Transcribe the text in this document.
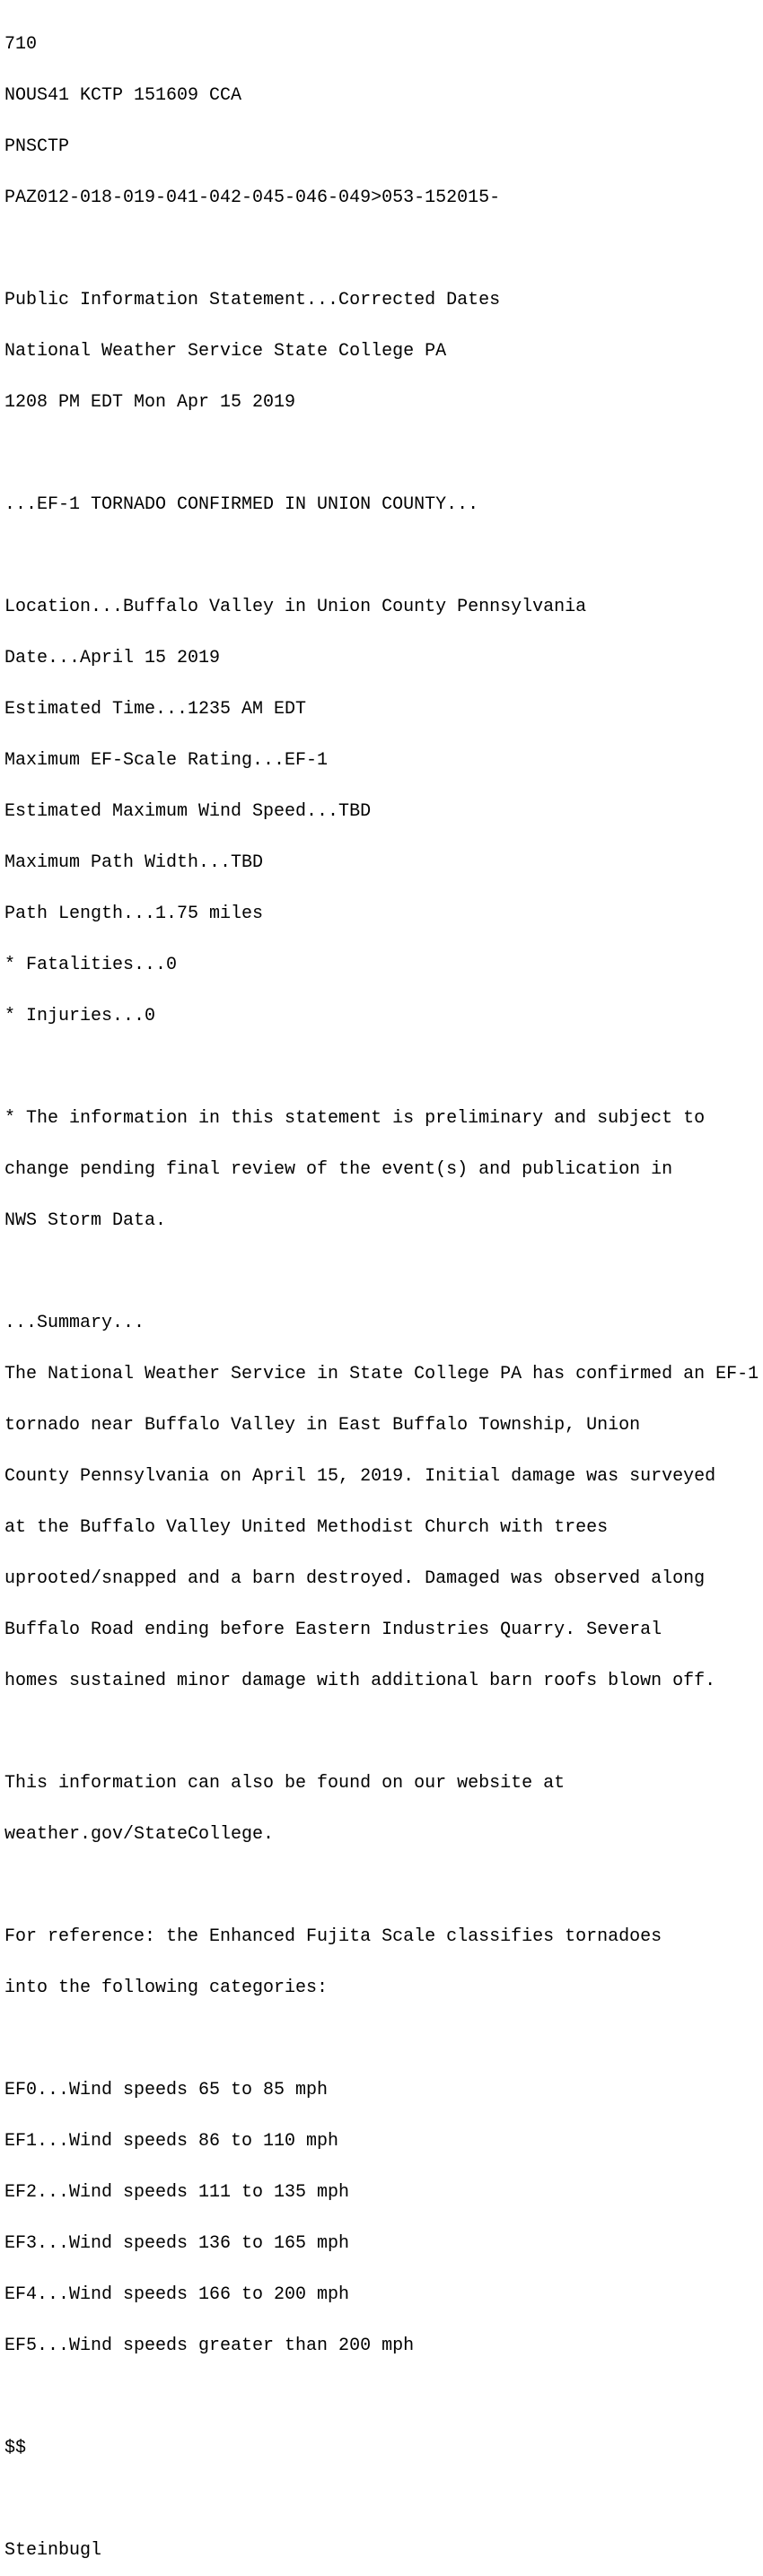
710

NOUS41 KCTP 151609 CCA

PNSCTP

PAZ012-018-019-041-042-045-046-049>053-152015-

Public Information Statement...Corrected Dates

National Weather Service State College PA

1208 PM EDT Mon Apr 15 2019

...EF-1 TORNADO CONFIRMED IN UNION COUNTY...

Location...Buffalo Valley in Union County Pennsylvania

Date...April 15 2019

Estimated Time...1235 AM EDT

Maximum EF-Scale Rating...EF-1

Estimated Maximum Wind Speed...TBD

Maximum Path Width...TBD

Path Length...1.75 miles

* Fatalities...0

* Injuries...0

* The information in this statement is preliminary and subject to

change pending final review of the event(s) and publication in

NWS Storm Data.

...Summary...

The National Weather Service in State College PA has confirmed an EF-1

tornado near Buffalo Valley in East Buffalo Township, Union

County Pennsylvania on April 15, 2019. Initial damage was surveyed

at the Buffalo Valley United Methodist Church with trees

uprooted/snapped and a barn destroyed. Damaged was observed along

Buffalo Road ending before Eastern Industries Quarry. Several

homes sustained minor damage with additional barn roofs blown off.

This information can also be found on our website at

weather.gov/StateCollege.

For reference: the Enhanced Fujita Scale classifies tornadoes

into the following categories:

EF0...Wind speeds 65 to 85 mph

EF1...Wind speeds 86 to 110 mph

EF2...Wind speeds 111 to 135 mph

EF3...Wind speeds 136 to 165 mph

EF4...Wind speeds 166 to 200 mph

EF5...Wind speeds greater than 200 mph

$$

Steinbugl
